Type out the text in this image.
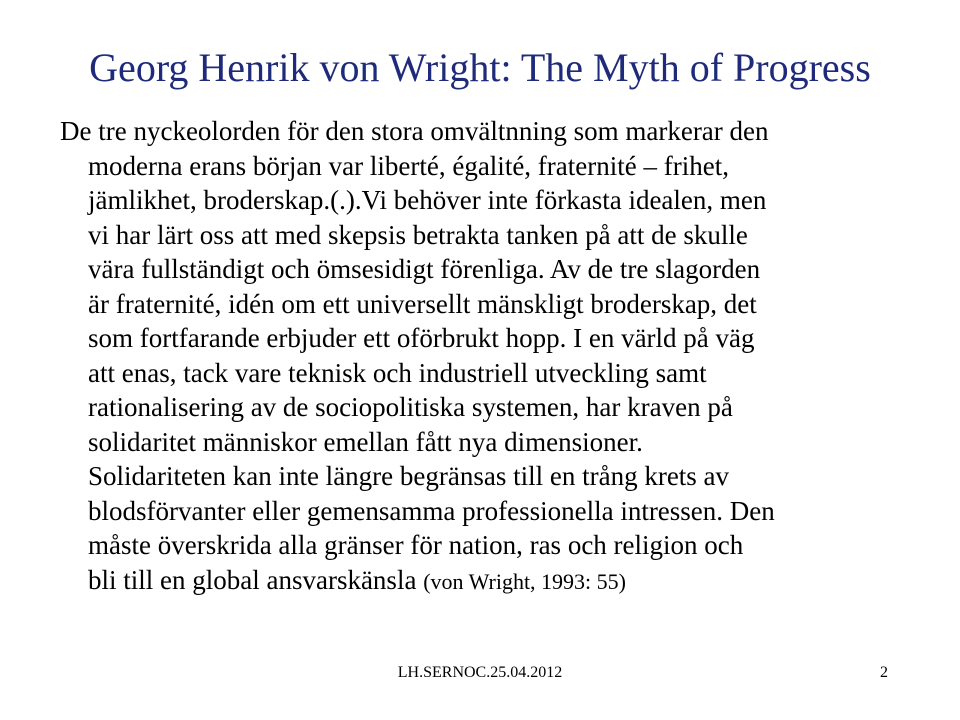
Georg Henrik von Wright: The Myth of Progress
De tre nyckeolorden för den stora omvältnning som markerar den
moderna erans början var liberté, égalité, fraternité – frihet,
jämlikhet, broderskap.(.).Vi behöver inte förkasta idealen, men
vi har lärt oss att med skepsis betrakta tanken på att de skulle
vära fullständigt och ömsesidigt förenliga. Av de tre slagorden
är fraternité, idén om ett universellt mänskligt broderskap, det
som fortfarande erbjuder ett oförbrukt hopp. I en värld på väg
att enas, tack vare teknisk och industriell utveckling samt
rationalisering av de sociopolitiska systemen, har kraven på
solidaritet människor emellan fått nya dimensioner.
Solidariteten kan inte längre begränsas till en trång krets av
blodsförvanter eller gemensamma professionella intressen. Den
måste överskrida alla gränser för nation, ras och religion och
bli till en global ansvarskänsla (von Wright, 1993: 55)
LH.SERNOC.25.04.2012	2
